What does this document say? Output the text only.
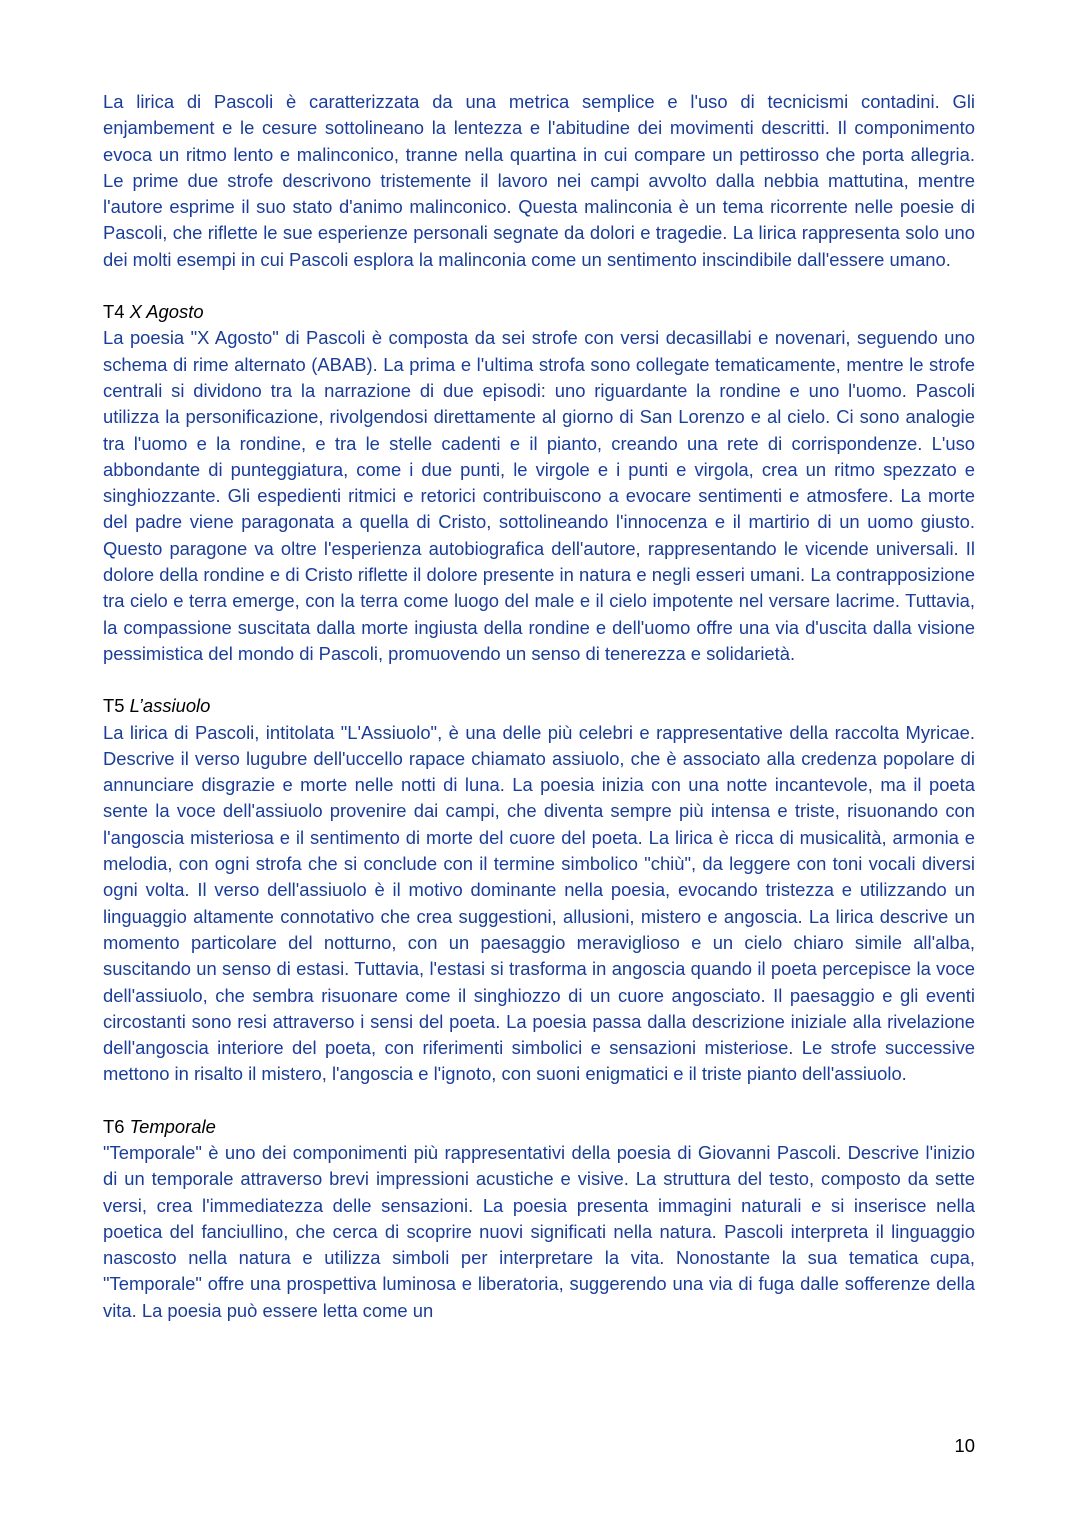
La lirica di Pascoli è caratterizzata da una metrica semplice e l'uso di tecnicismi contadini. Gli enjambement e le cesure sottolineano la lentezza e l'abitudine dei movimenti descritti. Il componimento evoca un ritmo lento e malinconico, tranne nella quartina in cui compare un pettirosso che porta allegria. Le prime due strofe descrivono tristemente il lavoro nei campi avvolto dalla nebbia mattutina, mentre l'autore esprime il suo stato d'animo malinconico. Questa malinconia è un tema ricorrente nelle poesie di Pascoli, che riflette le sue esperienze personali segnate da dolori e tragedie. La lirica rappresenta solo uno dei molti esempi in cui Pascoli esplora la malinconia come un sentimento inscindibile dall'essere umano.

T4 X Agosto

La poesia "X Agosto" di Pascoli è composta da sei strofe con versi decasillabi e novenari, seguendo uno schema di rime alternato (ABAB). La prima e l'ultima strofa sono collegate tematicamente, mentre le strofe centrali si dividono tra la narrazione di due episodi: uno riguardante la rondine e uno l'uomo. Pascoli utilizza la personificazione, rivolgendosi direttamente al giorno di San Lorenzo e al cielo. Ci sono analogie tra l'uomo e la rondine, e tra le stelle cadenti e il pianto, creando una rete di corrispondenze. L'uso abbondante di punteggiatura, come i due punti, le virgole e i punti e virgola, crea un ritmo spezzato e singhiozzante. Gli espedienti ritmici e retorici contribuiscono a evocare sentimenti e atmosfere. La morte del padre viene paragonata a quella di Cristo, sottolineando l'innocenza e il martirio di un uomo giusto. Questo paragone va oltre l'esperienza autobiografica dell'autore, rappresentando le vicende universali. Il dolore della rondine e di Cristo riflette il dolore presente in natura e negli esseri umani. La contrapposizione tra cielo e terra emerge, con la terra come luogo del male e il cielo impotente nel versare lacrime. Tuttavia, la compassione suscitata dalla morte ingiusta della rondine e dell'uomo offre una via d'uscita dalla visione pessimistica del mondo di Pascoli, promuovendo un senso di tenerezza e solidarietà.

T5 L’assiuolo

La lirica di Pascoli, intitolata "L'Assiuolo", è una delle più celebri e rappresentative della raccolta Myricae. Descrive il verso lugubre dell'uccello rapace chiamato assiuolo, che è associato alla credenza popolare di annunciare disgrazie e morte nelle notti di luna. La poesia inizia con una notte incantevole, ma il poeta sente la voce dell'assiuolo provenire dai campi, che diventa sempre più intensa e triste, risuonando con l'angoscia misteriosa e il sentimento di morte del cuore del poeta. La lirica è ricca di musicalità, armonia e melodia, con ogni strofa che si conclude con il termine simbolico "chiù", da leggere con toni vocali diversi ogni volta. Il verso dell'assiuolo è il motivo dominante nella poesia, evocando tristezza e utilizzando un linguaggio altamente connotativo che crea suggestioni, allusioni, mistero e angoscia. La lirica descrive un momento particolare del notturno, con un paesaggio meraviglioso e un cielo chiaro simile all'alba, suscitando un senso di estasi. Tuttavia, l'estasi si trasforma in angoscia quando il poeta percepisce la voce dell'assiuolo, che sembra risuonare come il singhiozzo di un cuore angosciato. Il paesaggio e gli eventi circostanti sono resi attraverso i sensi del poeta. La poesia passa dalla descrizione iniziale alla rivelazione dell'angoscia interiore del poeta, con riferimenti simbolici e sensazioni misteriose. Le strofe successive mettono in risalto il mistero, l'angoscia e l'ignoto, con suoni enigmatici e il triste pianto dell'assiuolo.

T6 Temporale

"Temporale" è uno dei componimenti più rappresentativi della poesia di Giovanni Pascoli. Descrive l'inizio di un temporale attraverso brevi impressioni acustiche e visive. La struttura del testo, composto da sette versi, crea l'immediatezza delle sensazioni. La poesia presenta immagini naturali e si inserisce nella poetica del fanciullino, che cerca di scoprire nuovi significati nella natura. Pascoli interpreta il linguaggio nascosto nella natura e utilizza simboli per interpretare la vita. Nonostante la sua tematica cupa, "Temporale" offre una prospettiva luminosa e liberatoria, suggerendo una via di fuga dalle sofferenze della vita. La poesia può essere letta come un

10
